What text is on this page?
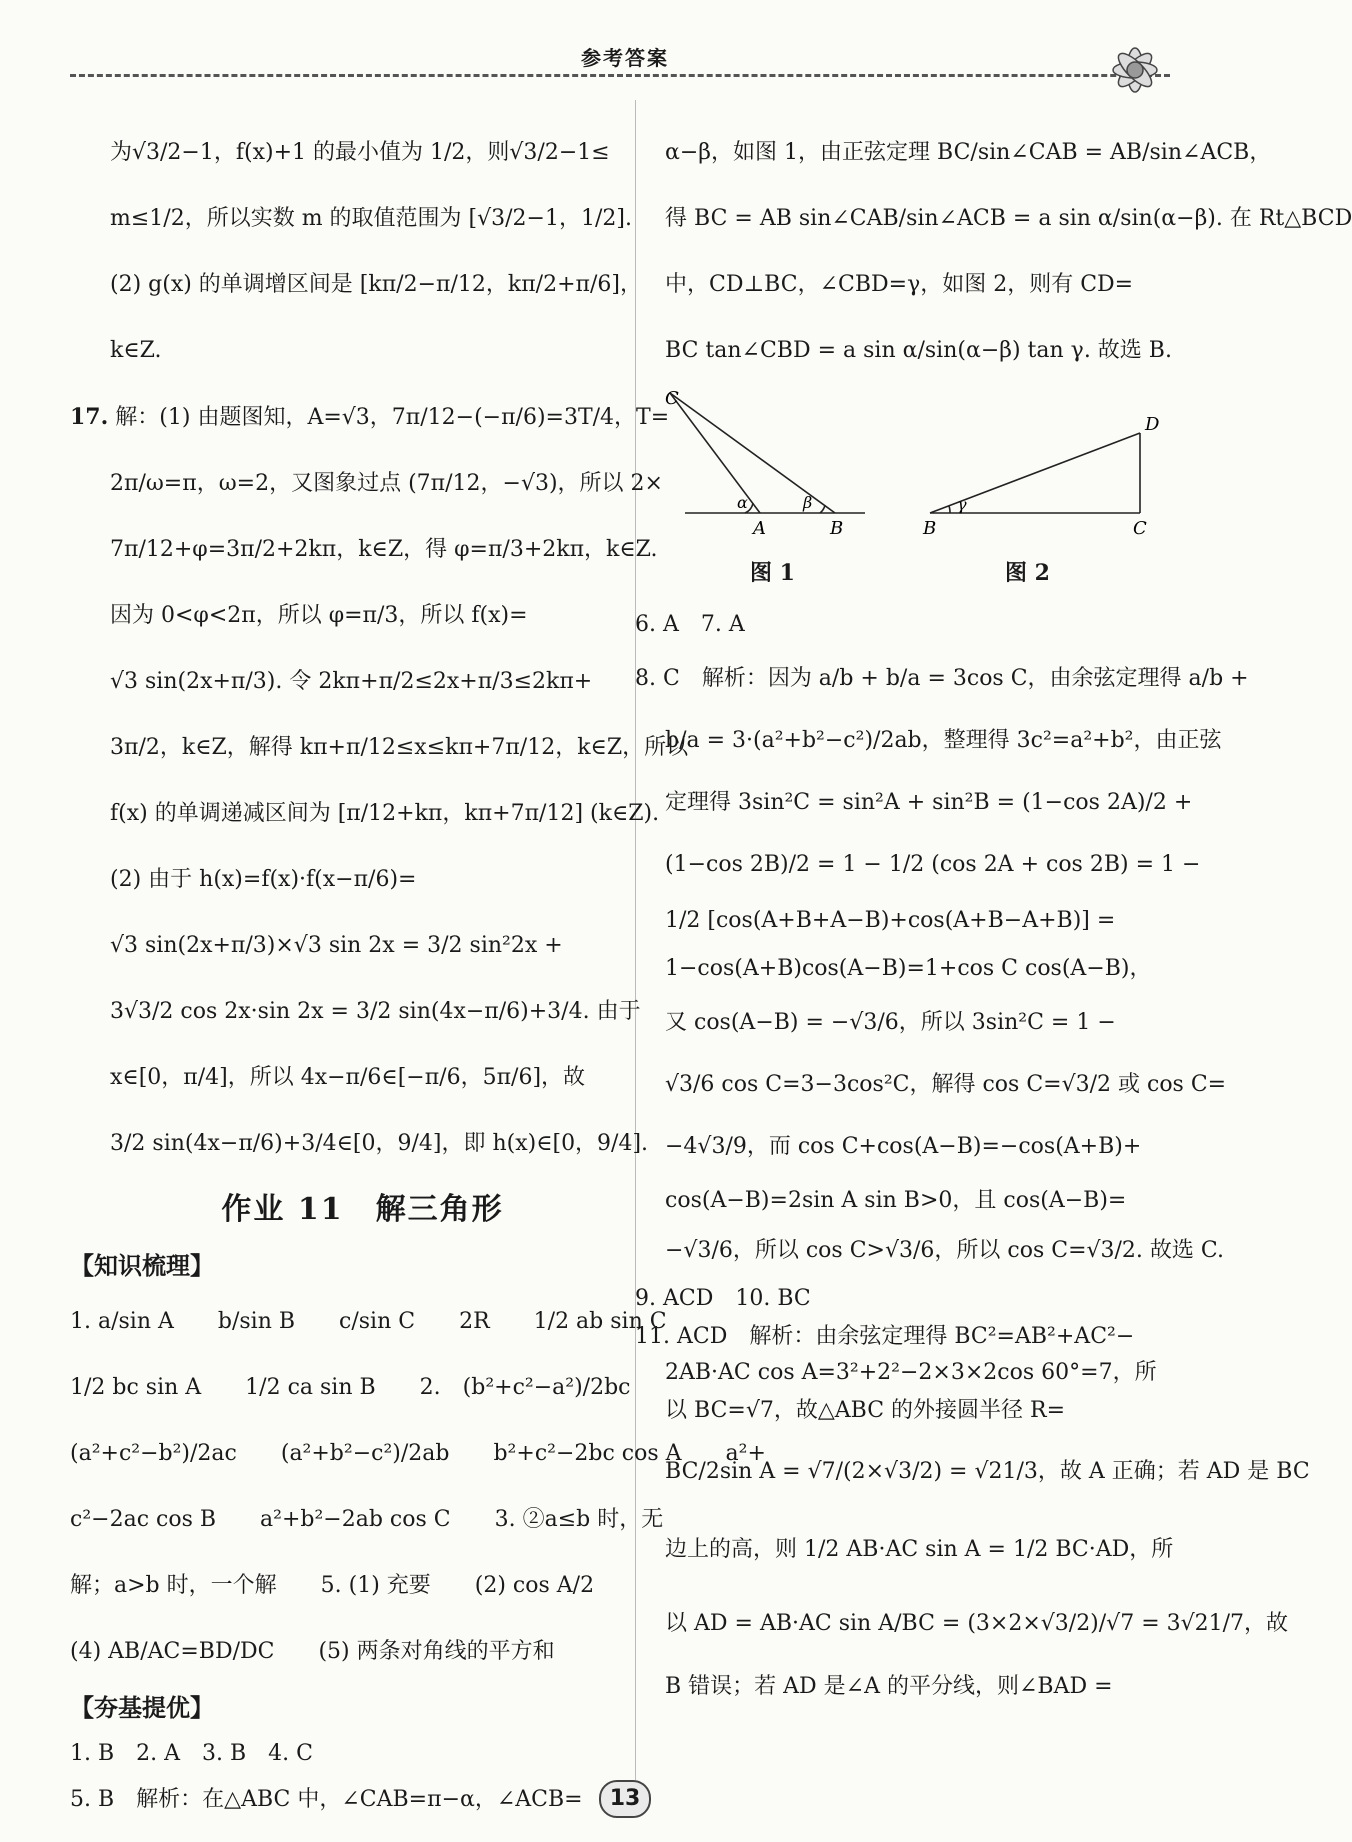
参考答案
为√3/2−1，f(x)+1 的最小值为 1/2，则√3/2−1≤
m≤1/2，所以实数 m 的取值范围为 [√3/2−1，1/2].
(2) g(x) 的单调增区间是 [kπ/2−π/12，kπ/2+π/6]，
k∈Z.
17. 解：(1) 由题图知，A=√3，7π/12−(−π/6)=3T/4，T=
2π/ω=π，ω=2，又图象过点 (7π/12，−√3)，所以 2×
7π/12+φ=3π/2+2kπ，k∈Z，得 φ=π/3+2kπ，k∈Z.
因为 0<φ<2π，所以 φ=π/3，所以 f(x)=
√3 sin(2x+π/3). 令 2kπ+π/2≤2x+π/3≤2kπ+
3π/2，k∈Z，解得 kπ+π/12≤x≤kπ+7π/12，k∈Z，所以
f(x) 的单调递减区间为 [π/12+kπ，kπ+7π/12] (k∈Z).
(2) 由于 h(x)=f(x)·f(x−π/6)=
√3 sin(2x+π/3)×√3 sin 2x = 3/2 sin²2x +
3√3/2 cos 2x·sin 2x = 3/2 sin(4x−π/6)+3/4. 由于
x∈[0，π/4]，所以 4x−π/6∈[−π/6，5π/6]，故
3/2 sin(4x−π/6)+3/4∈[0，9/4]，即 h(x)∈[0，9/4].
作业 11　解三角形
【知识梳理】
1. a/sin A　　b/sin B　　c/sin C　　2R　　1/2 ab sin C
1/2 bc sin A　　1/2 ca sin B　　2.　(b²+c²−a²)/2bc
(a²+c²−b²)/2ac　　(a²+b²−c²)/2ab　　b²+c²−2bc cos A　　a²+
c²−2ac cos B　　a²+b²−2ab cos C　　3. ②a≤b 时，无
解；a>b 时，一个解　　5. (1) 充要　　(2) cos A/2
(4) AB/AC=BD/DC　　(5) 两条对角线的平方和
【夯基提优】
1. B　2. A　3. B　4. C
5. B　解析：在△ABC 中，∠CAB=π−α，∠ACB=
α−β，如图 1，由正弦定理 BC/sin∠CAB = AB/sin∠ACB，
得 BC = AB sin∠CAB/sin∠ACB = a sin α/sin(α−β). 在 Rt△BCD
中，CD⊥BC，∠CBD=γ，如图 2，则有 CD=
BC tan∠CBD = a sin α/sin(α−β) tan γ. 故选 B.
C
A	B
α	β
D
B	C
γ
图 1	图 2
6. A　7. A
8. C　解析：因为 a/b + b/a = 3cos C，由余弦定理得 a/b +
b/a = 3·(a²+b²−c²)/2ab，整理得 3c²=a²+b²，由正弦
定理得 3sin²C = sin²A + sin²B = (1−cos 2A)/2 +
(1−cos 2B)/2 = 1 − 1/2 (cos 2A + cos 2B) = 1 −
1/2 [cos(A+B+A−B)+cos(A+B−A+B)] =
1−cos(A+B)cos(A−B)=1+cos C cos(A−B)，
又 cos(A−B) = −√3/6，所以 3sin²C = 1 −
√3/6 cos C=3−3cos²C，解得 cos C=√3/2 或 cos C=
−4√3/9，而 cos C+cos(A−B)=−cos(A+B)+
cos(A−B)=2sin A sin B>0，且 cos(A−B)=
−√3/6，所以 cos C>√3/6，所以 cos C=√3/2. 故选 C.
9. ACD　10. BC
11. ACD　解析：由余弦定理得 BC²=AB²+AC²−
2AB·AC cos A=3²+2²−2×3×2cos 60°=7，所
以 BC=√7，故△ABC 的外接圆半径 R=
BC/2sin A = √7/(2×√3/2) = √21/3，故 A 正确；若 AD 是 BC
边上的高，则 1/2 AB·AC sin A = 1/2 BC·AD，所
以 AD = AB·AC sin A/BC = (3×2×√3/2)/√7 = 3√21/7，故
B 错误；若 AD 是∠A 的平分线，则∠BAD =
13
